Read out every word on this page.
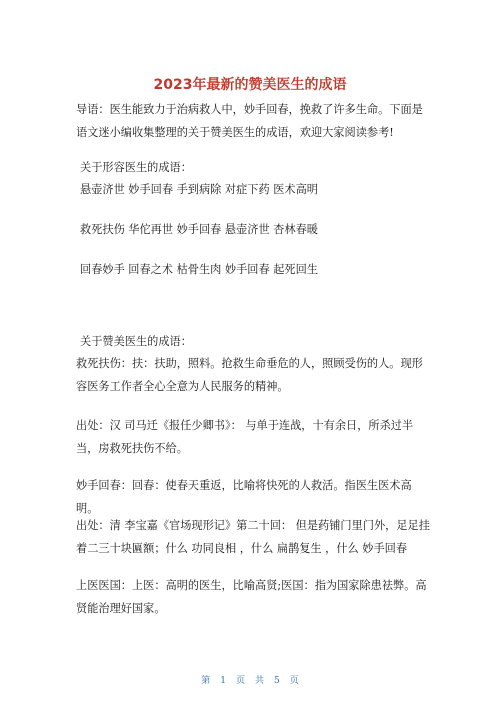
2023年最新的赞美医生的成语
导语：医生能致力于治病救人中，妙手回春，挽救了许多生命。下面是语文迷小编收集整理的关于赞美医生的成语，欢迎大家阅读参考!
关于形容医生的成语：
悬壶济世 妙手回春 手到病除 对症下药 医术高明
救死扶伤 华佗再世 妙手回春 悬壶济世 杏林春暖
回春妙手 回春之术 枯骨生肉 妙手回春 起死回生
关于赞美医生的成语：
救死扶伤：扶：扶助，照料。抢救生命垂危的人，照顾受伤的人。现形容医务工作者全心全意为人民服务的精神。
出处：汉 司马迁《报任少卿书》： 与单于连战，十有余日，所杀过半当，房救死扶伤不给。
妙手回春：回春：使春天重返，比喻将快死的人救活。指医生医术高明。
出处：清 李宝嘉《官场现形记》第二十回： 但是药铺门里门外，足足挂着二三十块匾额；什么 功同良相 ，什么 扁鹊复生 ，什么 妙手回春
上医医国：上医：高明的医生，比喻高贤;医国：指为国家除患祛弊。高贤能治理好国家。
第 1 页 共 5 页
